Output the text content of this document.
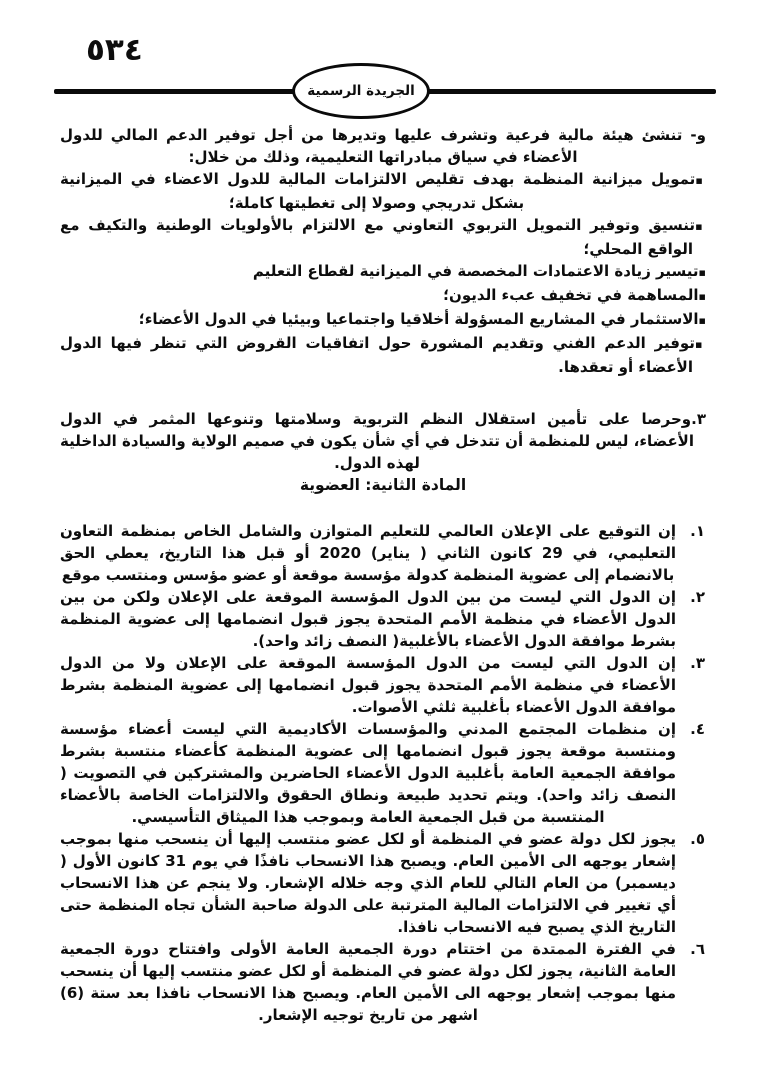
٥٣٤
الجريدة الرسمية

و- تنشئ هيئة مالية فرعية وتشرف عليها وتديرها من أجل توفير الدعم المالي للدول الأعضاء في سياق مبادراتها التعليمية، وذلك من خلال:

▪تمويل ميزانية المنظمة بهدف تقليص الالتزامات المالية للدول الاعضاء في الميزانية بشكل تدريجي وصولا إلى تغطيتها كاملة؛

▪تنسيق وتوفير التمويل التربوي التعاوني مع الالتزام بالأولويات الوطنية والتكيف مع الواقع المحلي؛

▪تيسير زيادة الاعتمادات المخصصة في الميزانية لقطاع التعليم

▪المساهمة في تخفيف عبء الديون؛

▪الاستثمار في المشاريع المسؤولة أخلاقيا واجتماعيا وبيئيا في الدول الأعضاء؛

▪توفير الدعم الفني وتقديم المشورة حول اتفاقيات القروض التي تنظر فيها الدول الأعضاء أو تعقدها.

٣.وحرصا على تأمين استقلال النظم التربوية وسلامتها وتنوعها المثمر في الدول الأعضاء، ليس للمنظمة أن تتدخل في أي شأن يكون في صميم الولاية والسيادة الداخلية لهذه الدول.

المادة الثانية: العضوية

١.
إن التوقيع على الإعلان العالمي للتعليم المتوازن والشامل الخاص بمنظمة التعاون التعليمي، في 29 كانون الثاني ( يناير) 2020 أو قبل هذا التاريخ، يعطي الحق بالانضمام إلى عضوية المنظمة كدولة مؤسسة موقعة أو عضو مؤسس ومنتسب موقع

٢.
إن الدول التي ليست من بين الدول المؤسسة الموقعة على الإعلان ولكن من بين الدول الأعضاء في منظمة الأمم المتحدة يجوز قبول انضمامها إلى عضوية المنظمة بشرط موافقة الدول الأعضاء بالأغلبية( النصف زائد واحد).

٣.
إن الدول التي ليست من الدول المؤسسة الموقعة على الإعلان ولا من الدول الأعضاء في منظمة الأمم المتحدة يجوز قبول انضمامها إلى عضوية المنظمة بشرط موافقة الدول الأعضاء بأغلبية ثلثي الأصوات.

٤.
إن منظمات المجتمع المدني والمؤسسات الأكاديمية التي ليست أعضاء مؤسسة ومنتسبة موقعة يجوز قبول انضمامها إلى عضوية المنظمة كأعضاء منتسبة بشرط موافقة الجمعية العامة بأغلبية الدول الأعضاء الحاضرين والمشتركين في التصويت ( النصف زائد واحد). ويتم تحديد طبيعة ونطاق الحقوق والالتزامات الخاصة بالأعضاء المنتسبة من قبل الجمعية العامة وبموجب هذا الميثاق التأسيسي.

٥.
يجوز لكل دولة عضو في المنظمة أو لكل عضو منتسب إليها أن ينسحب منها بموجب إشعار يوجهه الى الأمين العام. ويصبح هذا الانسحاب نافذًا في يوم 31 كانون الأول ( ديسمبر) من العام التالي للعام الذي وجه خلاله الإشعار. ولا ينجم عن هذا الانسحاب أي تغيير في الالتزامات المالية المترتبة على الدولة صاحبة الشأن تجاه المنظمة حتى التاريخ الذي يصبح فيه الانسحاب نافذا.

٦.
في الفترة الممتدة من اختتام دورة الجمعية العامة الأولى وافتتاح دورة الجمعية العامة الثانية، يجوز لكل دولة عضو في المنظمة أو لكل عضو منتسب إليها أن ينسحب منها بموجب إشعار يوجهه الى الأمين العام. ويصبح هذا الانسحاب نافذا بعد ستة (6) اشهر من تاريخ توجيه الإشعار.
